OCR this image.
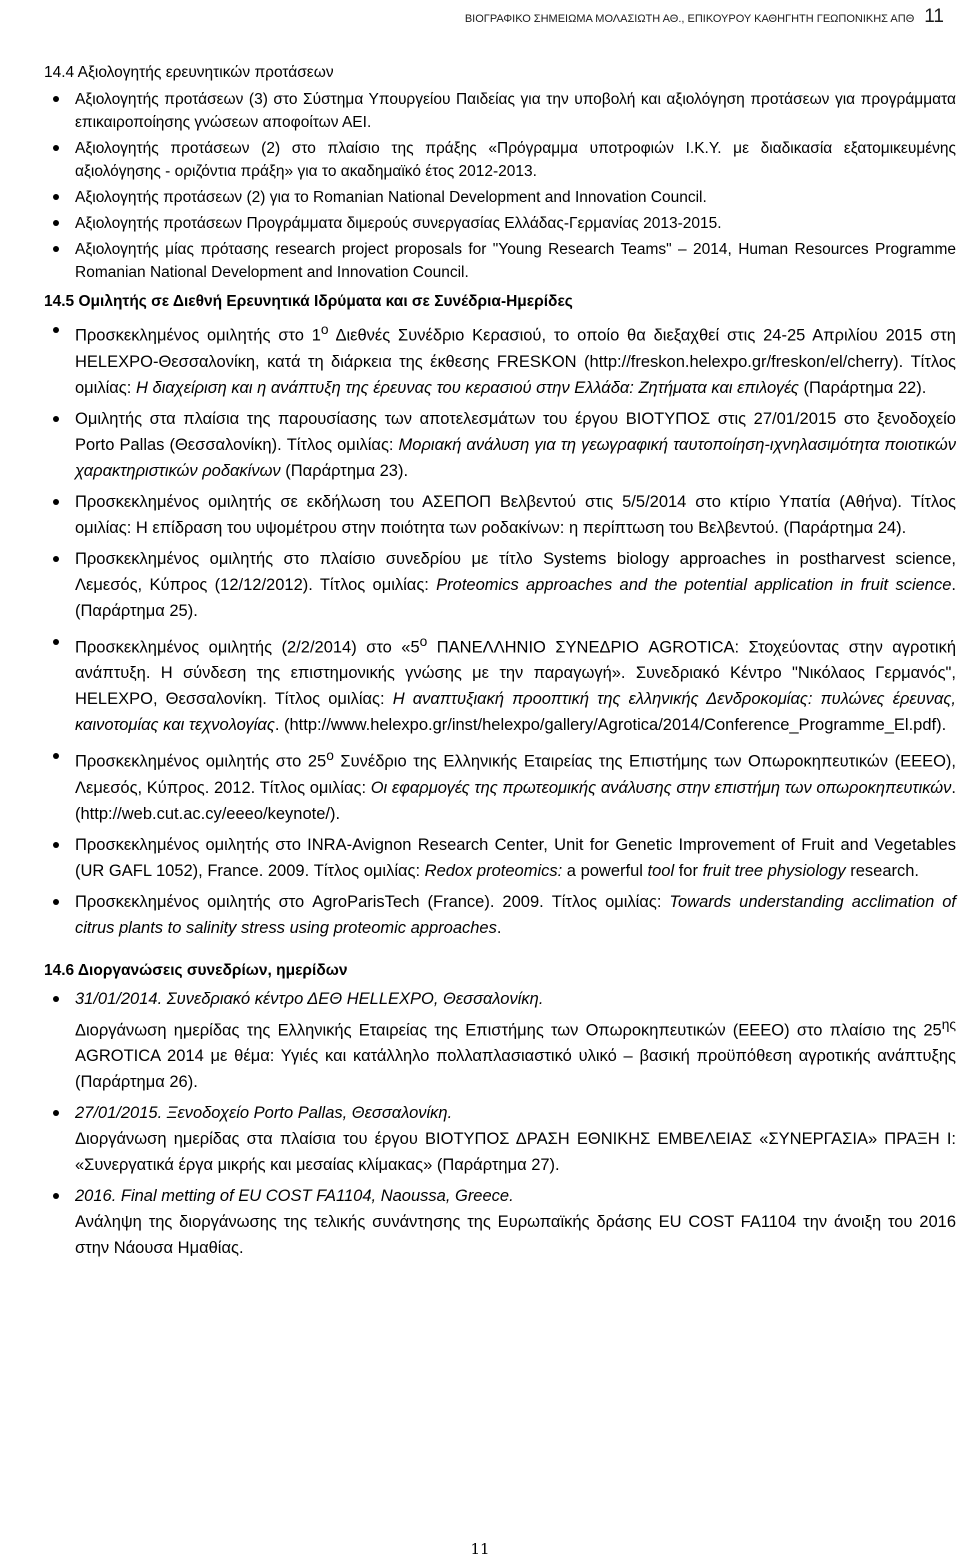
ΒΙΟΓΡΑΦΙΚΟ ΣΗΜΕΙΩΜΑ ΜΟΛΑΣΙΩΤΗ ΑΘ., ΕΠΙΚΟΥΡΟΥ ΚΑΘΗΓΗΤΗ ΓΕΩΠΟΝΙΚΗΣ ΑΠΘ 11
14.4 Αξιολογητής ερευνητικών προτάσεων
Αξιολογητής προτάσεων (3) στο Σύστημα Υπουργείου Παιδείας για την υποβολή και αξιολόγηση προτάσεων για προγράμματα επικαιροποίησης γνώσεων αποφοίτων ΑΕΙ.
Αξιολογητής προτάσεων (2) στο πλαίσιο της πράξης «Πρόγραμμα υποτροφιών Ι.Κ.Υ. με διαδικασία εξατομικευμένης αξιολόγησης - οριζόντια πράξη» για το ακαδημαϊκό έτος 2012-2013.
Αξιολογητής προτάσεων (2) για το Romanian National Development and Innovation Council.
Αξιολογητής προτάσεων Προγράμματα διμερούς συνεργασίας Ελλάδας-Γερμανίας 2013-2015.
Αξιολογητής μίας πρότασης research project proposals for "Young Research Teams" – 2014, Human Resources Programme Romanian National Development and Innovation Council.
14.5 Ομιλητής σε Διεθνή Ερευνητικά Ιδρύματα και σε Συνέδρια-Ημερίδες
Προσκεκλημένος ομιλητής στο $1^o$ Διεθνές Συνέδριο Κερασιού, το οποίο θα διεξαχθεί στις 24-25 Απριλίου 2015 στη HELEXPO-Θεσσαλονίκη, κατά τη διάρκεια της έκθεσης FRESKON (http://freskon.helexpo.gr/freskon/el/cherry). Τίτλος ομιλίας: Η διαχείριση και η ανάπτυξη της έρευνας του κερασιού στην Ελλάδα: Ζητήματα και επιλογές (Παράρτημα 22).
Ομιλητής στα πλαίσια της παρουσίασης των αποτελεσμάτων του έργου ΒΙΟΤΥΠΟΣ στις 27/01/2015 στο ξενοδοχείο Porto Pallas (Θεσσαλονίκη). Τίτλος ομιλίας: Μοριακή ανάλυση για τη γεωγραφική ταυτοποίηση-ιχνηλασιμότητα ποιοτικών χαρακτηριστικών ροδακίνων (Παράρτημα 23).
Προσκεκλημένος ομιλητής σε εκδήλωση του ΑΣΕΠΟΠ Βελβεντού στις 5/5/2014 στο κτίριο Υπατία (Αθήνα). Τίτλος ομιλίας: Η επίδραση του υψομέτρου στην ποιότητα των ροδακίνων: η περίπτωση του Βελβεντού. (Παράρτημα 24).
Προσκεκλημένος ομιλητής στο πλαίσιο συνεδρίου με τίτλο Systems biology approaches in postharvest science, Λεμεσός, Κύπρος (12/12/2012). Τίτλος ομιλίας: Proteomics approaches and the potential application in fruit science. (Παράρτημα 25).
Προσκεκλημένος ομιλητής (2/2/2014) στο «$5^o$ ΠΑΝΕΛΛΗΝΙΟ ΣΥΝΕΔΡΙΟ AGROTICA: Στοχεύοντας στην αγροτική ανάπτυξη. Η σύνδεση της επιστημονικής γνώσης με την παραγωγή». Συνεδριακό Κέντρο "Νικόλαος Γερμανός", HELEXPO, Θεσσαλονίκη. Τίτλος ομιλίας: Η αναπτυξιακή προοπτική της ελληνικής Δενδροκομίας: πυλώνες έρευνας, καινοτομίας και τεχνολογίας. (http://www.helexpo.gr/inst/helexpo/gallery/Agrotica/2014/Conference_Programme_El.pdf).
Προσκεκλημένος ομιλητής στο $25^o$ Συνέδριο της Ελληνικής Εταιρείας της Επιστήμης των Οπωροκηπευτικών (ΕΕΕΟ), Λεμεσός, Κύπρος. 2012. Τίτλος ομιλίας: Οι εφαρμογές της πρωτεομικής ανάλυσης στην επιστήμη των οπωροκηπευτικών. (http://web.cut.ac.cy/eeeo/keynote/).
Προσκεκλημένος ομιλητής στο INRA-Avignon Research Center, Unit for Genetic Improvement of Fruit and Vegetables (UR GAFL 1052), France. 2009. Τίτλος ομιλίας: Redox proteomics: a powerful tool for fruit tree physiology research.
Προσκεκλημένος ομιλητής στο AgroParisTech (France). 2009. Τίτλος ομιλίας: Towards understanding acclimation of citrus plants to salinity stress using proteomic approaches.
14.6 Διοργανώσεις συνεδρίων, ημερίδων
31/01/2014. Συνεδριακό κέντρο ΔΕΘ HELLEXPO, Θεσσαλονίκη.
Διοργάνωση ημερίδας της Ελληνικής Εταιρείας της Επιστήμης των Οπωροκηπευτικών (ΕΕΕΟ) στο πλαίσιο της $25^{\eta\varsigma}$ AGROTICA 2014 με θέμα: Υγιές και κατάλληλο πολλαπλασιαστικό υλικό – βασική προϋπόθεση αγροτικής ανάπτυξης (Παράρτημα 26).
27/01/2015. Ξενοδοχείο Porto Pallas, Θεσσαλονίκη.
Διοργάνωση ημερίδας στα πλαίσια του έργου ΒΙΟΤΥΠΟΣ ΔΡΑΣΗ ΕΘΝΙΚΗΣ ΕΜΒΕΛΕΙΑΣ «ΣΥΝΕΡΓΑΣΙΑ» ΠΡΑΞΗ Ι: «Συνεργατικά έργα μικρής και μεσαίας κλίμακας» (Παράρτημα 27).
2016. Final metting of EU COST FA1104, Naoussa, Greece.
Ανάληψη της διοργάνωσης της τελικής συνάντησης της Ευρωπαϊκής δράσης EU COST FA1104 την άνοιξη του 2016 στην Νάουσα Ημαθίας.
11
